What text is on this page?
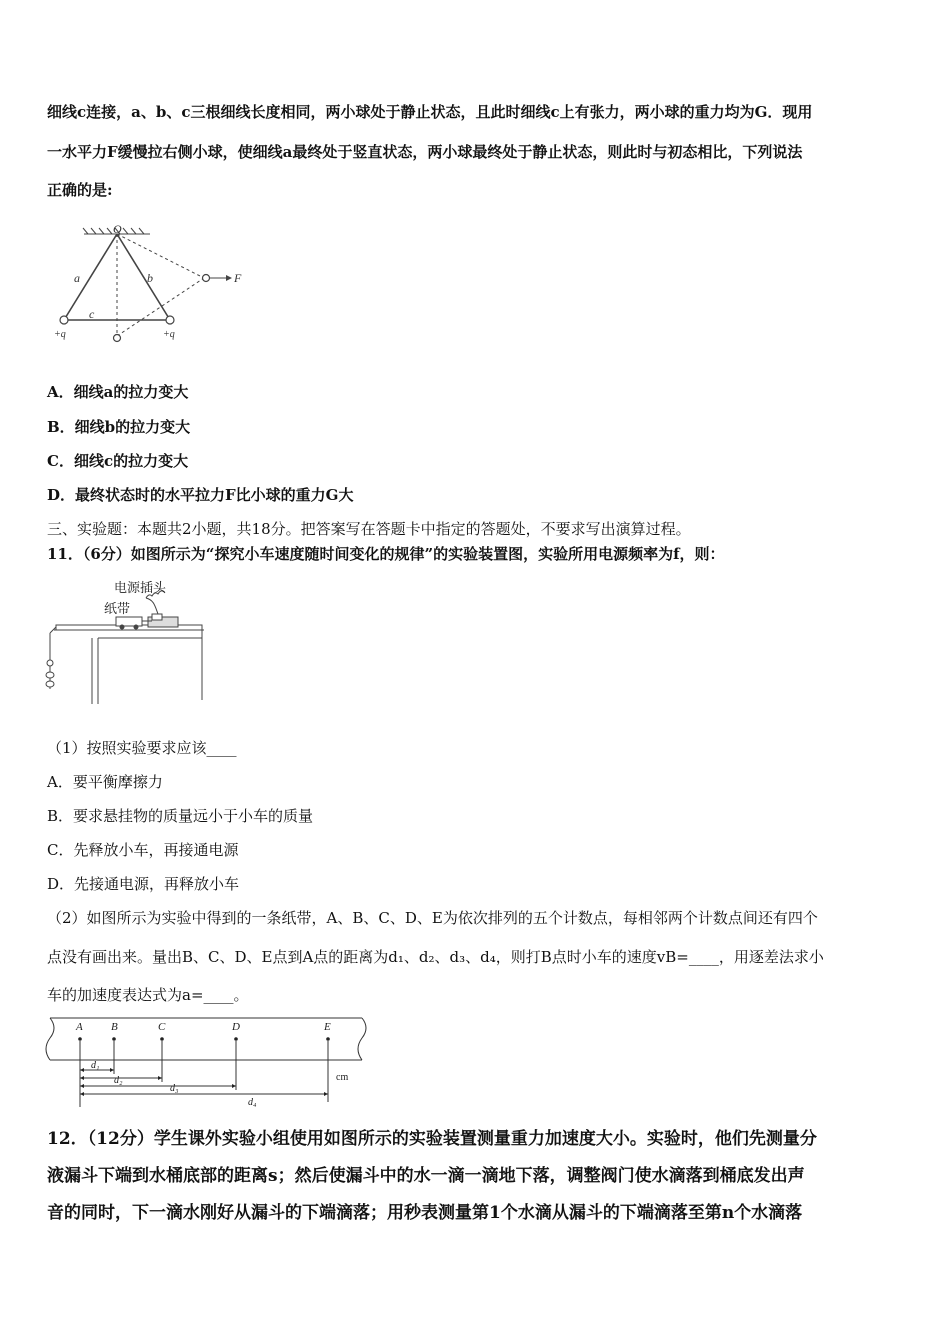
细线c连接，a、b、c三根细线长度相同，两小球处于静止状态，且此时细线c上有张力，两小球的重力均为G．现用
一水平力F缓慢拉右侧小球，使细线a最终处于竖直状态，两小球最终处于静止状态，则此时与初态相比，下列说法
正确的是:
O
a	b
c
F
+q	+q
A．细线a的拉力变大
B．细线b的拉力变大
C．细线c的拉力变大
D．最终状态时的水平拉力F比小球的重力G大
三、实验题：本题共2小题，共18分。把答案写在答题卡中指定的答题处，不要求写出演算过程。
11．（6分）如图所示为“探究小车速度随时间变化的规律”的实验装置图，实验所用电源频率为f，则：
电源插头
纸带
（1）按照实验要求应该____
A．要平衡摩擦力
B．要求悬挂物的质量远小于小车的质量
C．先释放小车，再接通电源
D．先接通电源，再释放小车
（2）如图所示为实验中得到的一条纸带，A、B、C、D、E为依次排列的五个计数点，每相邻两个计数点间还有四个
点没有画出来。量出B、C、D、E点到A点的距离为d₁、d₂、d₃、d₄，则打B点时小车的速度vB=____，用逐差法求小
车的加速度表达式为a=____。
A	B	C	D	E
d₁
d₂
d₃
d₄
cm
12．（12分）学生课外实验小组使用如图所示的实验装置测量重力加速度大小。实验时，他们先测量分
液漏斗下端到水桶底部的距离s；然后使漏斗中的水一滴一滴地下落，调整阀门使水滴落到桶底发出声
音的同时，下一滴水刚好从漏斗的下端滴落；用秒表测量第1个水滴从漏斗的下端滴落至第n个水滴落
